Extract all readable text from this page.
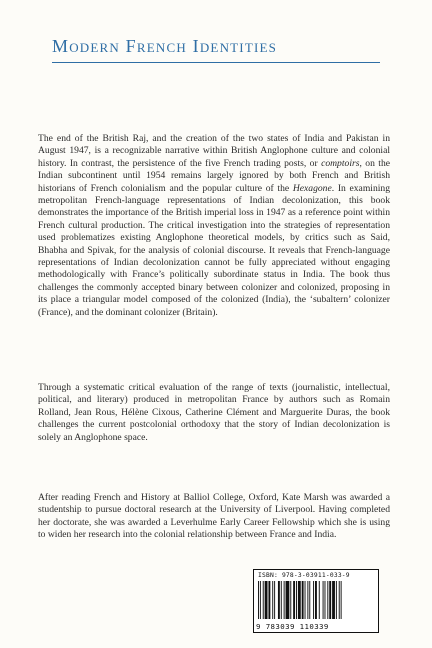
Modern French Identities

The end of the British Raj, and the creation of the two states of India and Pakistan in August 1947, is a recognizable narrative within British Anglophone culture and colonial history. In contrast, the persistence of the five French trading posts, or comptoirs, on the Indian subcontinent until 1954 remains largely ignored by both French and British historians of French colonialism and the popular culture of the Hexagone. In examining metropolitan French-language representations of Indian decolonization, this book demonstrates the importance of the British imperial loss in 1947 as a reference point within French cultural production. The critical investigation into the strategies of representation used problematizes existing Anglophone theoretical models, by critics such as Said, Bhabha and Spivak, for the analysis of colonial discourse. It reveals that French-language representations of Indian decolonization cannot be fully appreciated without engaging methodologically with France’s politically subordinate status in India. The book thus challenges the commonly accepted binary between colonizer and colonized, proposing in its place a triangular model composed of the colonized (India), the ‘subaltern’ colonizer (France), and the dominant colonizer (Britain).

Through a systematic critical evaluation of the range of texts (journalistic, intellectual, political, and literary) produced in metropolitan France by authors such as Romain Rolland, Jean Rous, Hélène Cixous, Catherine Clément and Marguerite Duras, the book challenges the current postcolonial orthodoxy that the story of Indian decolonization is solely an Anglophone space.

After reading French and History at Balliol College, Oxford, Kate Marsh was awarded a studentship to pursue doctoral research at the University of Liverpool. Having completed her doctorate, she was awarded a Leverhulme Early Career Fellowship which she is using to widen her research into the colonial relationship between France and India.

ISBN: 978-3-03911-033-9
9 783039 110339
